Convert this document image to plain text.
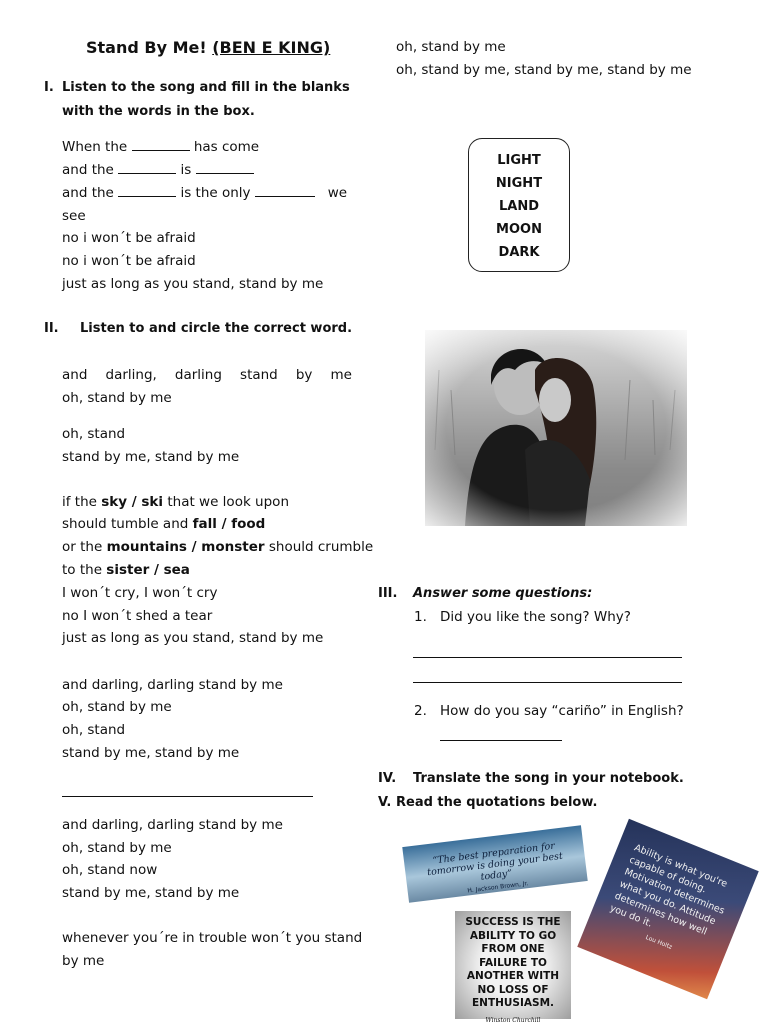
Stand By Me! (BEN E KING)
I. Listen to the song and fill in the blanks
with the words in the box.
When the	has come
and the	is
and the	is the only	we
see
no i won´t be afraid
no i won´t be afraid
just as long as you stand, stand by me
II. Listen to and circle the correct word.
and darling, darling stand by me
oh, stand by me
oh, stand
stand by me, stand by me
if the sky / ski that we look upon
should tumble and fall / food
or the mountains / monster should crumble
to the sister / sea
I won´t cry, I won´t cry
no I won´t shed a tear
just as long as you stand, stand by me
and darling, darling stand by me
oh, stand by me
oh, stand
stand by me, stand by me
and darling, darling stand by me
oh, stand by me
oh, stand now
stand by me, stand by me
whenever you´re in trouble won´t you stand
by me
oh, stand by me
oh, stand by me, stand by me, stand by me
LIGHT
NIGHT
LAND
MOON
DARK
III. Answer some questions:
1. Did you like the song? Why?
2. How do you say “cariño” in English?
IV. Translate the song in your notebook.
V. Read the quotations below.
“The best preparation for tomorrow is doing your best today”
H. Jackson Brown, Jr.	Ability is what you're capable of doing. Motivation determines what you do. Attitude determines how well you do it.
Lou Holtz
SUCCESS IS THE ABILITY TO GO FROM ONE FAILURE TO ANOTHER WITH NO LOSS OF ENTHUSIASM.
Winston Churchill
